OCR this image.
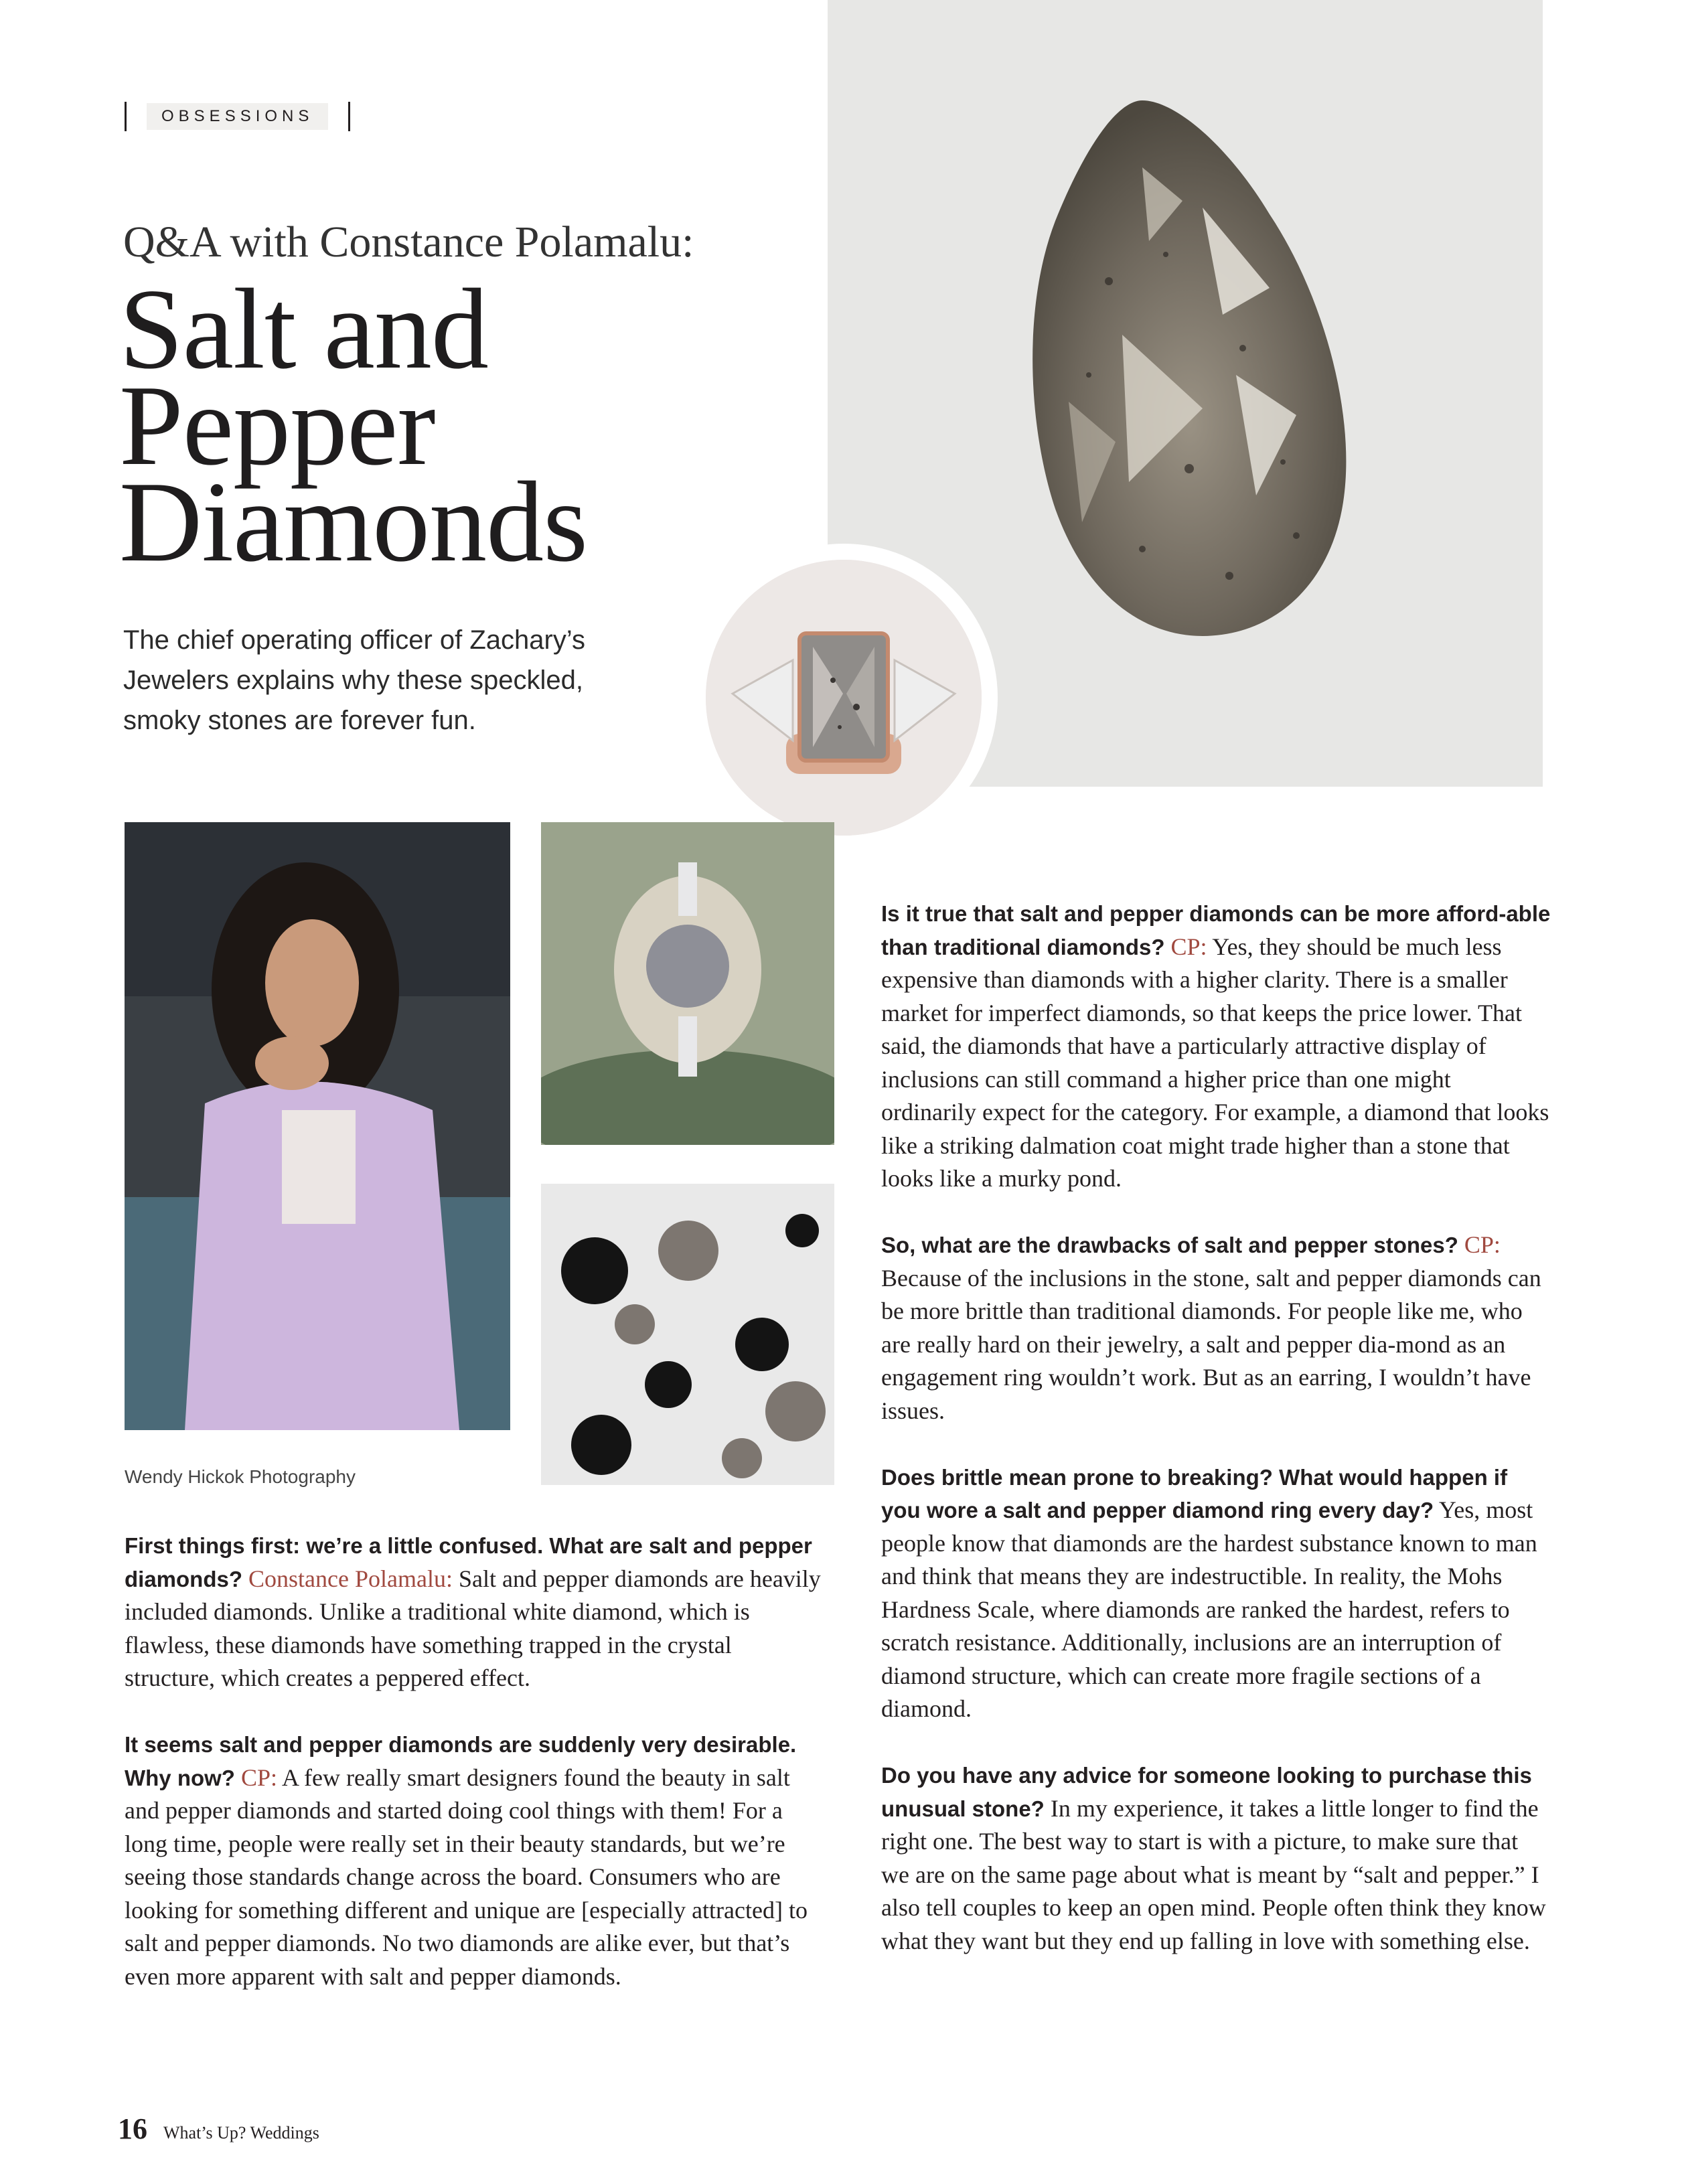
OBSESSIONS
Q&A with Constance Polamalu:
Salt and
Pepper
Diamonds
The chief operating officer of Zachary’s Jewelers explains why these speckled, smoky stones are forever fun.
Wendy Hickok Photography

First things first: we’re a little confused. What are salt and pepper diamonds? Constance Polamalu: Salt and pepper diamonds are heavily included diamonds. Unlike a traditional white diamond, which is flawless, these diamonds have something trapped in the crystal structure, which creates a peppered effect.

It seems salt and pepper diamonds are suddenly very desirable. Why now? CP: A few really smart designers found the beauty in salt and pepper diamonds and started doing cool things with them! For a long time, people were really set in their beauty standards, but we’re seeing those standards change across the board. Consumers who are looking for something different and unique are [especially attracted] to salt and pepper diamonds. No two diamonds are alike ever, but that’s even more apparent with salt and pepper diamonds.

Is it true that salt and pepper diamonds can be more afford-able than traditional diamonds? CP: Yes, they should be much less expensive than diamonds with a higher clarity. There is a smaller market for imperfect diamonds, so that keeps the price lower. That said, the diamonds that have a particularly attractive display of inclusions can still command a higher price than one might ordinarily expect for the category. For example, a diamond that looks like a striking dalmation coat might trade higher than a stone that looks like a murky pond.

So, what are the drawbacks of salt and pepper stones? CP: Because of the inclusions in the stone, salt and pepper diamonds can be more brittle than traditional diamonds. For people like me, who are really hard on their jewelry, a salt and pepper dia-mond as an engagement ring wouldn’t work. But as an earring, I wouldn’t have issues.

Does brittle mean prone to breaking? What would happen if you wore a salt and pepper diamond ring every day? Yes, most people know that diamonds are the hardest substance known to man and think that means they are indestructible. In reality, the Mohs Hardness Scale, where diamonds are ranked the hardest, refers to scratch resistance. Additionally, inclusions are an interruption of diamond structure, which can create more fragile sections of a diamond.

Do you have any advice for someone looking to purchase this unusual stone? In my experience, it takes a little longer to find the right one. The best way to start is with a picture, to make sure that we are on the same page about what is meant by “salt and pepper.” I also tell couples to keep an open mind. People often think they know what they want but they end up falling in love with something else.

16 What’s Up? Weddings
